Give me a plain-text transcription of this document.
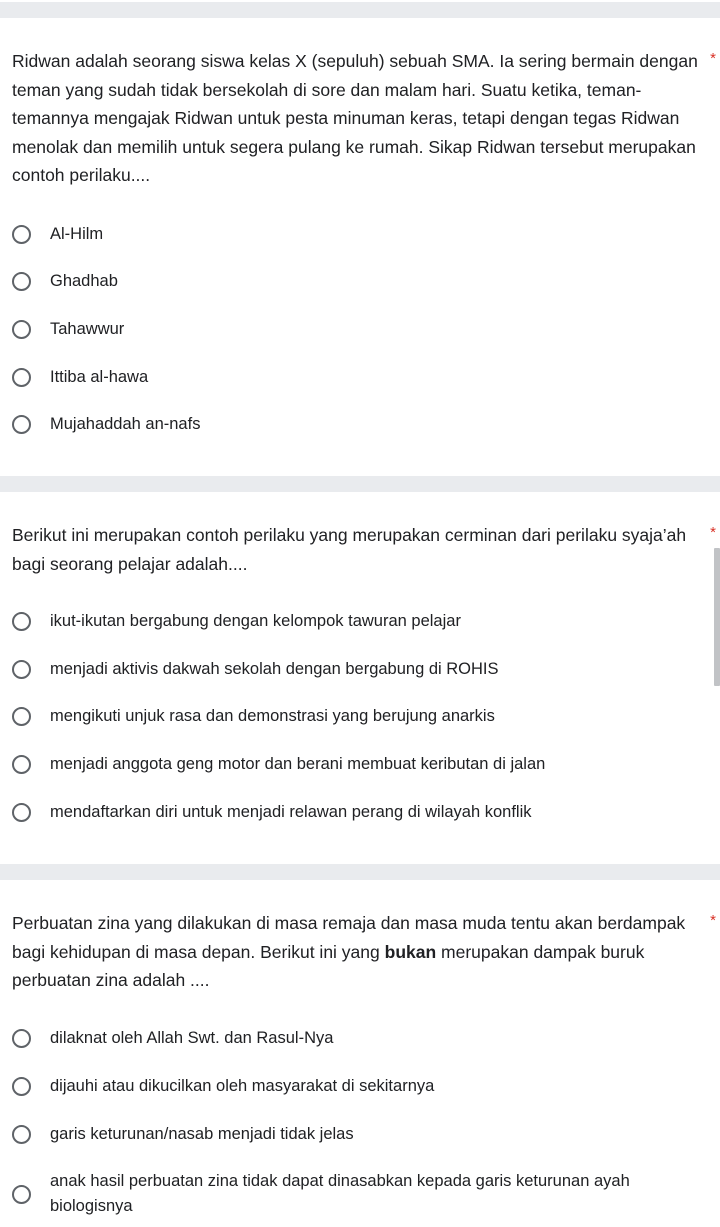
Ridwan adalah seorang siswa kelas X (sepuluh) sebuah SMA. Ia sering bermain dengan teman yang sudah tidak bersekolah di sore dan malam hari. Suatu ketika, teman-temannya mengajak Ridwan untuk pesta minuman keras, tetapi dengan tegas Ridwan menolak dan memilih untuk segera pulang ke rumah. Sikap Ridwan tersebut merupakan contoh perilaku....

*
Al-Hilm
Ghadhab
Tahawwur
Ittiba al-hawa
Mujahaddah an-nafs

Berikut ini merupakan contoh perilaku yang merupakan cerminan dari perilaku syaja’ah bagi seorang pelajar adalah....

*
ikut-ikutan bergabung dengan kelompok tawuran pelajar
menjadi aktivis dakwah sekolah dengan bergabung di ROHIS
mengikuti unjuk rasa dan demonstrasi yang berujung anarkis
menjadi anggota geng motor dan berani membuat keributan di jalan
mendaftarkan diri untuk menjadi relawan perang di wilayah konflik

Perbuatan zina yang dilakukan di masa remaja dan masa muda tentu akan berdampak bagi kehidupan di masa depan. Berikut ini yang bukan merupakan dampak buruk perbuatan zina adalah ....

*
dilaknat oleh Allah Swt. dan Rasul-Nya
dijauhi atau dikucilkan oleh masyarakat di sekitarnya
garis keturunan/nasab menjadi tidak jelas
anak hasil perbuatan zina tidak dapat dinasabkan kepada garis keturunan ayah biologisnya
